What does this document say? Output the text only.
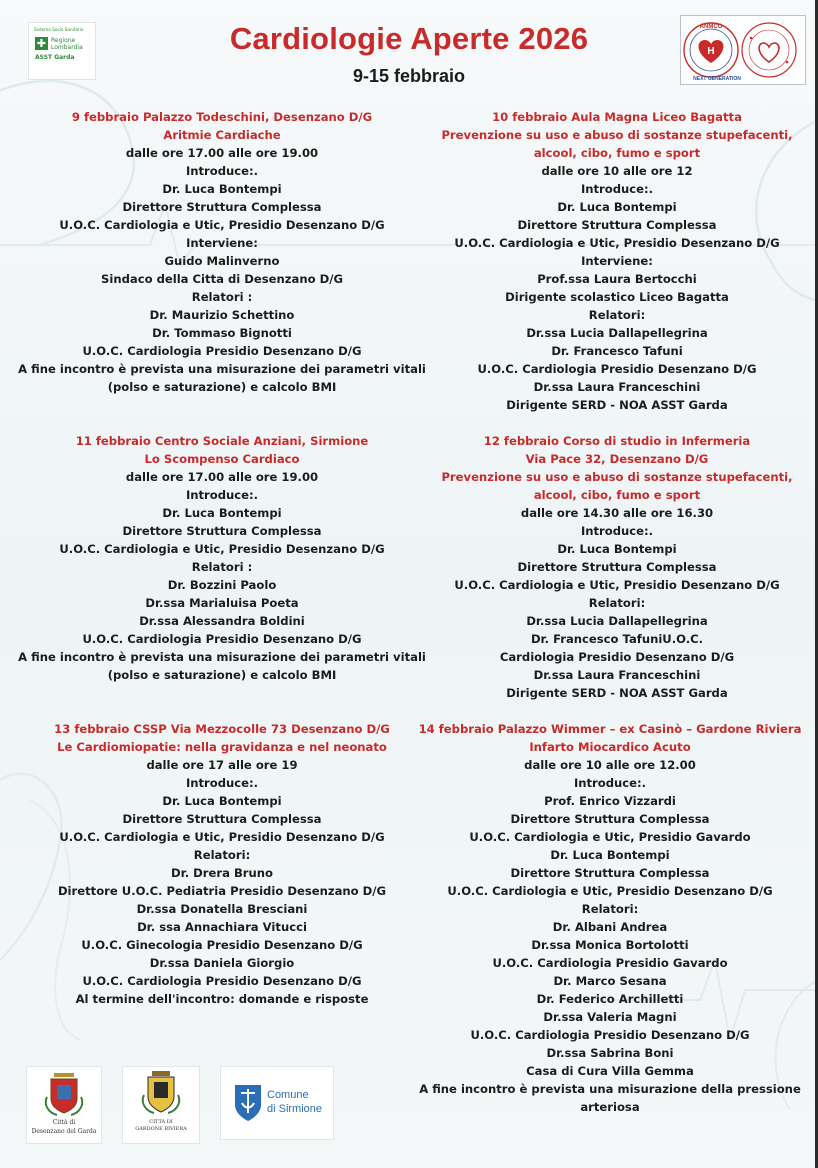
Sistema Socio Sanitario
✚ Regione
Lombardia
ASST Garda
H
ANMCO
NEXT GENERATION
Cardiologie Aperte 2026
9-15 febbraio
9 febbraio Palazzo Todeschini, Desenzano D/G
Aritmie Cardiache
dalle ore 17.00 alle ore 19.00
Introduce:.
Dr. Luca Bontempi
Direttore Struttura Complessa
U.O.C. Cardiologia e Utic, Presidio Desenzano D/G
Interviene:
Guido Malinverno
Sindaco della Citta di Desenzano D/G
Relatori :
Dr. Maurizio Schettino
Dr. Tommaso Bignotti
U.O.C. Cardiologia Presidio Desenzano D/G
A fine incontro è prevista una misurazione dei parametri vitali
(polso e saturazione) e calcolo BMI
10 febbraio Aula Magna Liceo Bagatta
Prevenzione su uso e abuso di sostanze stupefacenti,
alcool, cibo, fumo e sport
dalle ore 10 alle ore 12
Introduce:.
Dr. Luca Bontempi
Direttore Struttura Complessa
U.O.C. Cardiologia e Utic, Presidio Desenzano D/G
Interviene:
Prof.ssa Laura Bertocchi
Dirigente scolastico Liceo Bagatta
Relatori:
Dr.ssa Lucia Dallapellegrina
Dr. Francesco Tafuni
U.O.C. Cardiologia Presidio Desenzano D/G
Dr.ssa Laura Franceschini
Dirigente SERD - NOA ASST Garda
11 febbraio Centro Sociale Anziani, Sirmione
Lo Scompenso Cardiaco
dalle ore 17.00 alle ore 19.00
Introduce:.
Dr. Luca Bontempi
Direttore Struttura Complessa
U.O.C. Cardiologia e Utic, Presidio Desenzano D/G
Relatori :
Dr. Bozzini Paolo
Dr.ssa Marialuisa Poeta
Dr.ssa Alessandra Boldini
U.O.C. Cardiologia Presidio Desenzano D/G
A fine incontro è prevista una misurazione dei parametri vitali
(polso e saturazione) e calcolo BMI
12 febbraio Corso di studio in Infermeria
Via Pace 32, Desenzano D/G
Prevenzione su uso e abuso di sostanze stupefacenti,
alcool, cibo, fumo e sport
dalle ore 14.30 alle ore 16.30
Introduce:.
Dr. Luca Bontempi
Direttore Struttura Complessa
U.O.C. Cardiologia e Utic, Presidio Desenzano D/G
Relatori:
Dr.ssa Lucia Dallapellegrina
Dr. Francesco TafuniU.O.C.
Cardiologia Presidio Desenzano D/G
Dr.ssa Laura Franceschini
Dirigente SERD - NOA ASST Garda
13 febbraio CSSP Via Mezzocolle 73 Desenzano D/G
Le Cardiomiopatie: nella gravidanza e nel neonato
dalle ore 17 alle ore 19
Introduce:.
Dr. Luca Bontempi
Direttore Struttura Complessa
U.O.C. Cardiologia e Utic, Presidio Desenzano D/G
Relatori:
Dr. Drera Bruno
Direttore U.O.C. Pediatria Presidio Desenzano D/G
Dr.ssa Donatella Bresciani
Dr. ssa Annachiara Vitucci
U.O.C. Ginecologia Presidio Desenzano D/G
Dr.ssa Daniela Giorgio
U.O.C. Cardiologia Presidio Desenzano D/G
Al termine dell'incontro: domande e risposte
14 febbraio Palazzo Wimmer – ex Casinò – Gardone Riviera
Infarto Miocardico Acuto
dalle ore 10 alle ore 12.00
Introduce:.
Prof. Enrico Vizzardi
Direttore Struttura Complessa
U.O.C. Cardiologia e Utic, Presidio Gavardo
Dr. Luca Bontempi
Direttore Struttura Complessa
U.O.C. Cardiologia e Utic, Presidio Desenzano D/G
Relatori:
Dr. Albani Andrea
Dr.ssa Monica Bortolotti
U.O.C. Cardiologia Presidio Gavardo
Dr. Marco Sesana
Dr. Federico Archilletti
Dr.ssa Valeria Magni
U.O.C. Cardiologia Presidio Desenzano D/G
Dr.ssa Sabrina Boni
Casa di Cura Villa Gemma
A fine incontro è prevista una misurazione della pressione
arteriosa
Città di
Desenzano del Garda
CITTÀ DI
GARDONE RIVIERA
Comune
di Sirmione
